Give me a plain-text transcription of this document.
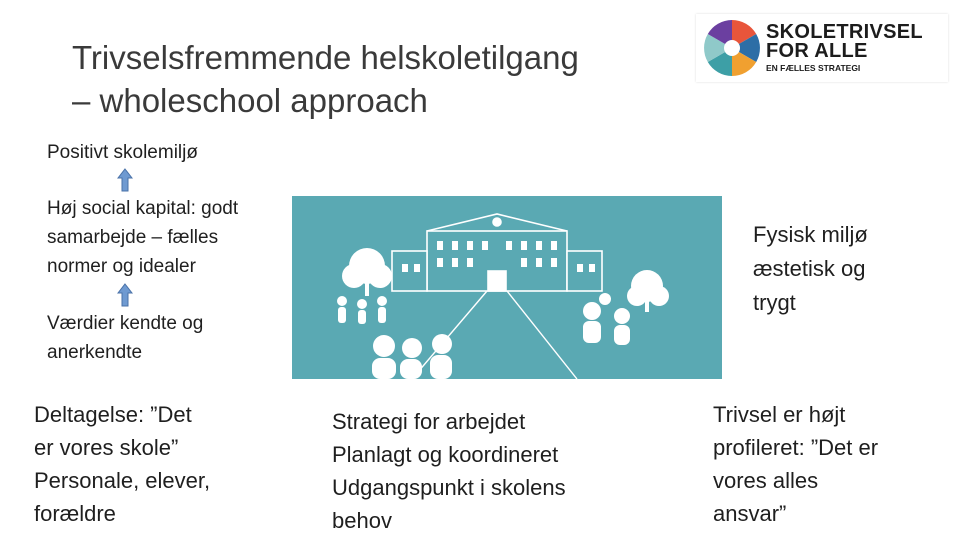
Trivselsfremmende helskoletilgang
– wholeschool approach
SKOLETRIVSEL
FOR ALLE
EN FÆLLES STRATEGI
Positivt skolemiljø
Høj social kapital: godt samarbejde – fælles normer og idealer
Værdier kendte og anerkendte
Fysisk miljø
æstetisk og
trygt
Deltagelse: ”Det
er vores skole”
Personale, elever,
forældre
Strategi for arbejdet
Planlagt og koordineret
Udgangspunkt i skolens
behov
Trivsel er højt
profileret: ”Det er
vores alles
ansvar”
